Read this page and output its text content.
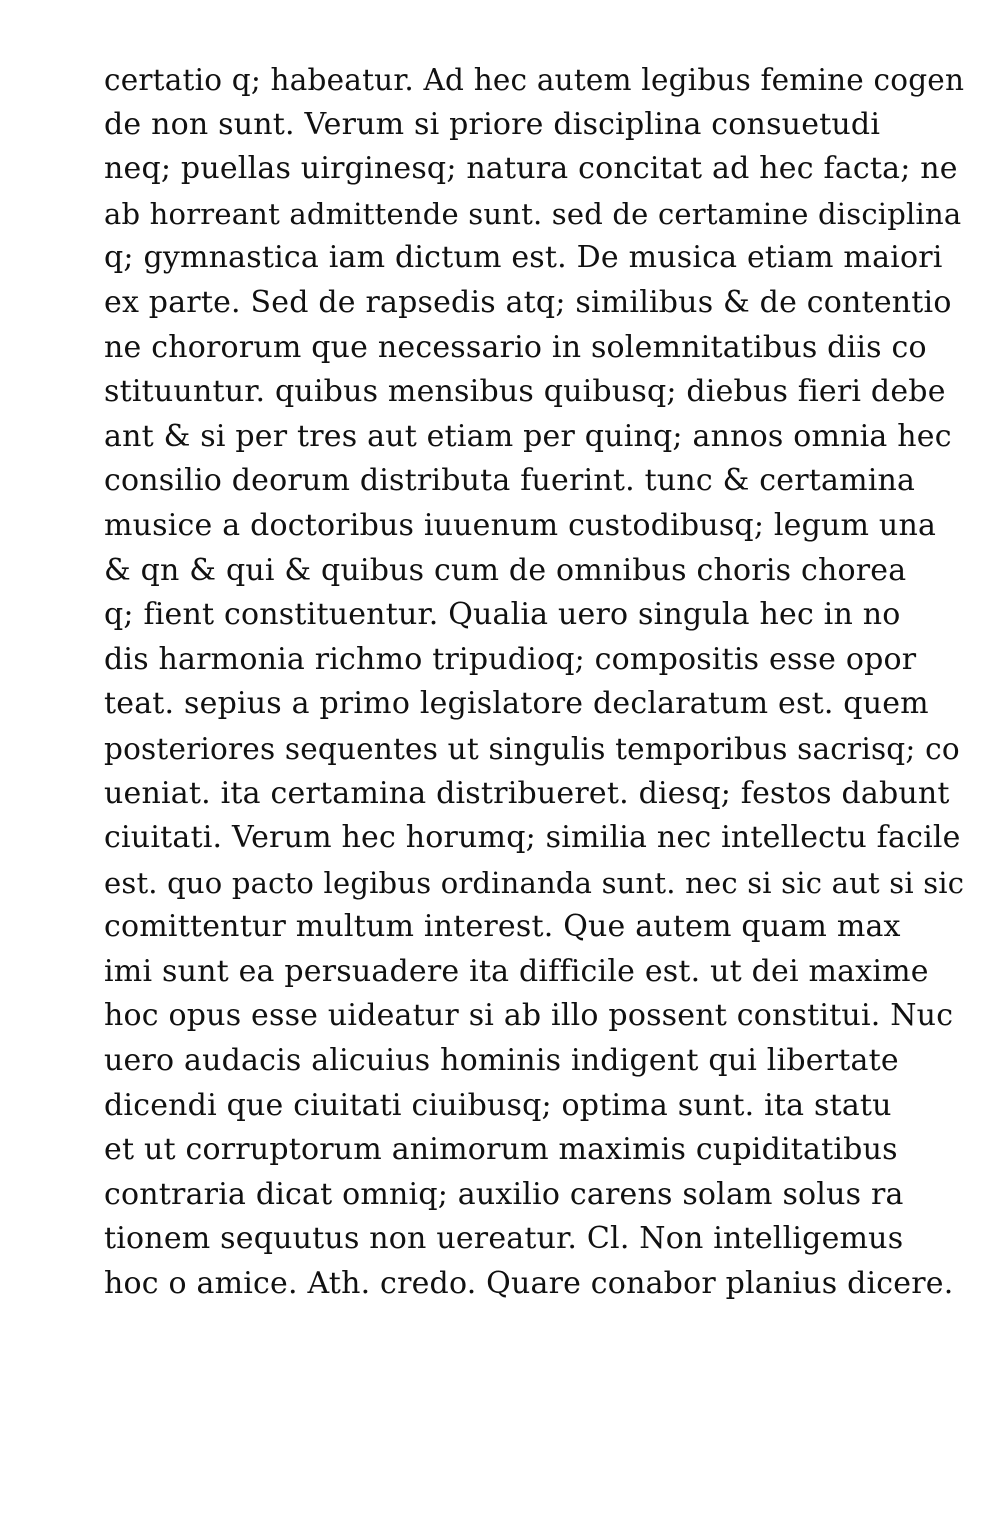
certatio q; habeatur. Ad hec autem legibus femine cogen
de non sunt. Verum si priore disciplina consuetudi
neq; puellas uirginesq; natura concitat ad hec facta; ne
ab horreant admittende sunt. sed de certamine disciplina
q; gymnastica iam dictum est. De musica etiam maiori
ex parte. Sed de rapsedis atq; similibus & de contentio
ne chororum que necessario in solemnitatibus diis co
stituuntur. quibus mensibus quibusq; diebus fieri debe
ant & si per tres aut etiam per quinq; annos omnia hec
consilio deorum distributa fuerint. tunc & certamina
musice a doctoribus iuuenum custodibusq; legum una
& qn & qui & quibus cum de omnibus choris chorea
q; fient constituentur. Qualia uero singula hec in no
dis harmonia richmo tripudioq; compositis esse opor
teat. sepius a primo legislatore declaratum est. quem
posteriores sequentes ut singulis temporibus sacrisq; co
ueniat. ita certamina distribueret. diesq; festos dabunt
ciuitati. Verum hec horumq; similia nec intellectu facile
est. quo pacto legibus ordinanda sunt. nec si sic aut si sic
comittentur multum interest. Que autem quam max
imi sunt ea persuadere ita difficile est. ut dei maxime
hoc opus esse uideatur si ab illo possent constitui. Nuc
uero audacis alicuius hominis indigent qui libertate
dicendi que ciuitati ciuibusq; optima sunt. ita statu
et ut corruptorum animorum maximis cupiditatibus
contraria dicat omniq; auxilio carens solam solus ra
tionem sequutus non uereatur. Cl. Non intelligemus
hoc o amice. Ath. credo. Quare conabor planius dicere.
